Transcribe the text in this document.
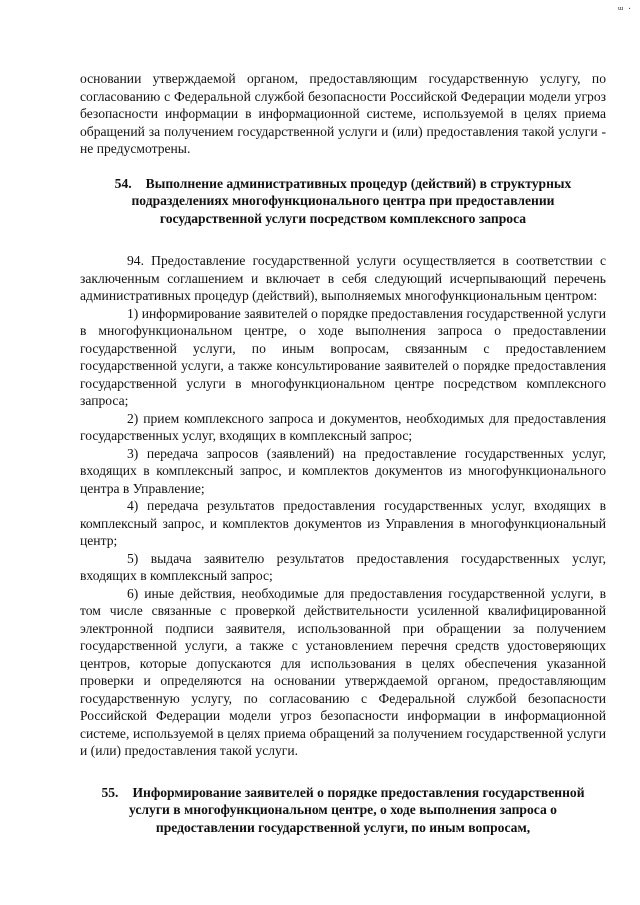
ᵚ ˑ

основании утверждаемой органом, предоставляющим государственную услугу, по согласованию с Федеральной службой безопасности Российской Федерации модели угроз безопасности информации в информационной системе, используемой в целях приема обращений за получением государственной услуги и (или) предоставления такой услуги - не предусмотрены.

54. Выполнение административных процедур (действий) в структурных подразделениях многофункционального центра при предоставлении государственной услуги посредством комплексного запроса

94. Предоставление государственной услуги осуществляется в соответствии с заключенным соглашением и включает в себя следующий исчерпывающий перечень административных процедур (действий), выполняемых многофункциональным центром:

1) информирование заявителей о порядке предоставления государственной услуги в многофункциональном центре, о ходе выполнения запроса о предоставлении государственной услуги, по иным вопросам, связанным с предоставлением государственной услуги, а также консультирование заявителей о порядке предоставления государственной услуги в многофункциональном центре посредством комплексного запроса;

2) прием комплексного запроса и документов, необходимых для предоставления государственных услуг, входящих в комплексный запрос;

3) передача запросов (заявлений) на предоставление государственных услуг, входящих в комплексный запрос, и комплектов документов из многофункционального центра в Управление;

4) передача результатов предоставления государственных услуг, входящих в комплексный запрос, и комплектов документов из Управления в многофункциональный центр;

5) выдача заявителю результатов предоставления государственных услуг, входящих в комплексный запрос;

6) иные действия, необходимые для предоставления государственной услуги, в том числе связанные с проверкой действительности усиленной квалифицированной электронной подписи заявителя, использованной при обращении за получением государственной услуги, а также с установлением перечня средств удостоверяющих центров, которые допускаются для использования в целях обеспечения указанной проверки и определяются на основании утверждаемой органом, предоставляющим государственную услугу, по согласованию с Федеральной службой безопасности Российской Федерации модели угроз безопасности информации в информационной системе, используемой в целях приема обращений за получением государственной услуги и (или) предоставления такой услуги.

55. Информирование заявителей о порядке предоставления государственной услуги в многофункциональном центре, о ходе выполнения запроса о предоставлении государственной услуги, по иным вопросам,
